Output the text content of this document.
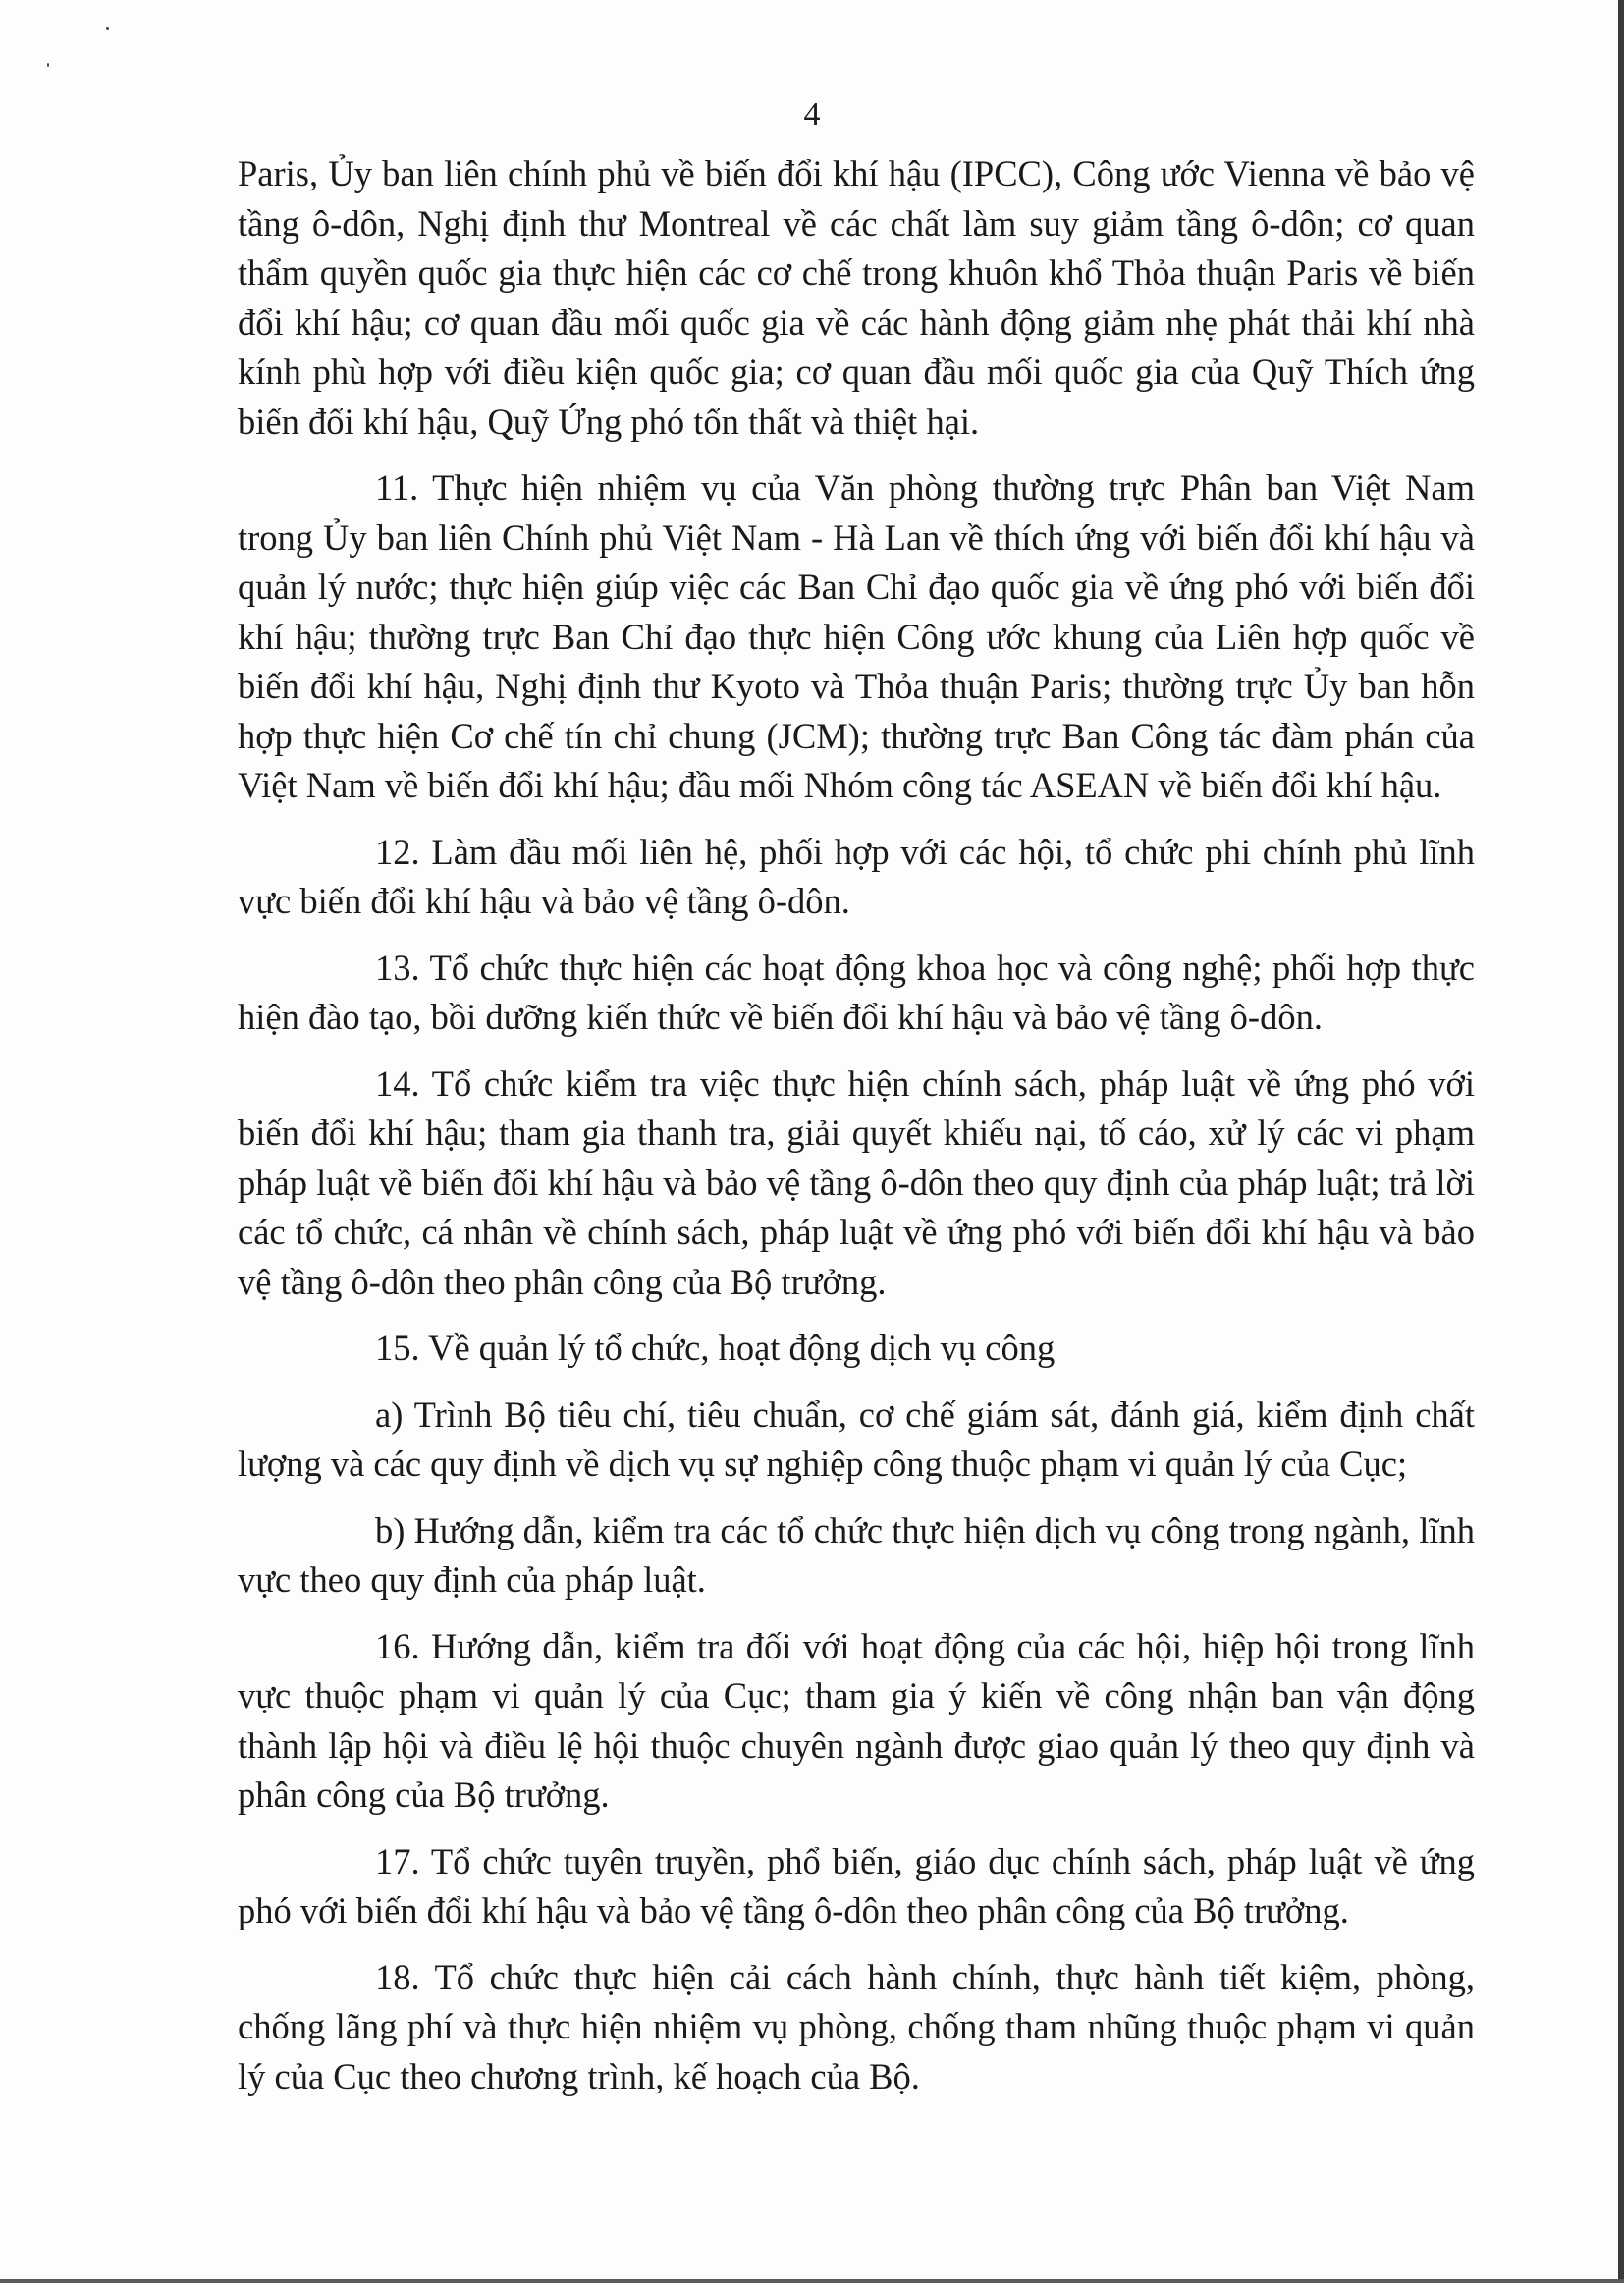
4

Paris, Ủy ban liên chính phủ về biến đổi khí hậu (IPCC), Công ước Vienna về bảo vệ tầng ô-dôn, Nghị định thư Montreal về các chất làm suy giảm tầng ô-dôn; cơ quan thẩm quyền quốc gia thực hiện các cơ chế trong khuôn khổ Thỏa thuận Paris về biến đổi khí hậu; cơ quan đầu mối quốc gia về các hành động giảm nhẹ phát thải khí nhà kính phù hợp với điều kiện quốc gia; cơ quan đầu mối quốc gia của Quỹ Thích ứng biến đổi khí hậu, Quỹ Ứng phó tổn thất và thiệt hại.

11. Thực hiện nhiệm vụ của Văn phòng thường trực Phân ban Việt Nam trong Ủy ban liên Chính phủ Việt Nam - Hà Lan về thích ứng với biến đổi khí hậu và quản lý nước; thực hiện giúp việc các Ban Chỉ đạo quốc gia về ứng phó với biến đổi khí hậu; thường trực Ban Chỉ đạo thực hiện Công ước khung của Liên hợp quốc về biến đổi khí hậu, Nghị định thư Kyoto và Thỏa thuận Paris; thường trực Ủy ban hỗn hợp thực hiện Cơ chế tín chỉ chung (JCM); thường trực Ban Công tác đàm phán của Việt Nam về biến đổi khí hậu; đầu mối Nhóm công tác ASEAN về biến đổi khí hậu.

12. Làm đầu mối liên hệ, phối hợp với các hội, tổ chức phi chính phủ lĩnh vực biến đổi khí hậu và bảo vệ tầng ô-dôn.

13. Tổ chức thực hiện các hoạt động khoa học và công nghệ; phối hợp thực hiện đào tạo, bồi dưỡng kiến thức về biến đổi khí hậu và bảo vệ tầng ô-dôn.

14. Tổ chức kiểm tra việc thực hiện chính sách, pháp luật về ứng phó với biến đổi khí hậu; tham gia thanh tra, giải quyết khiếu nại, tố cáo, xử lý các vi phạm pháp luật về biến đổi khí hậu và bảo vệ tầng ô-dôn theo quy định của pháp luật; trả lời các tổ chức, cá nhân về chính sách, pháp luật về ứng phó với biến đổi khí hậu và bảo vệ tầng ô-dôn theo phân công của Bộ trưởng.

15. Về quản lý tổ chức, hoạt động dịch vụ công

a) Trình Bộ tiêu chí, tiêu chuẩn, cơ chế giám sát, đánh giá, kiểm định chất lượng và các quy định về dịch vụ sự nghiệp công thuộc phạm vi quản lý của Cục;

b) Hướng dẫn, kiểm tra các tổ chức thực hiện dịch vụ công trong ngành, lĩnh vực theo quy định của pháp luật.

16. Hướng dẫn, kiểm tra đối với hoạt động của các hội, hiệp hội trong lĩnh vực thuộc phạm vi quản lý của Cục; tham gia ý kiến về công nhận ban vận động thành lập hội và điều lệ hội thuộc chuyên ngành được giao quản lý theo quy định và phân công của Bộ trưởng.

17. Tổ chức tuyên truyền, phổ biến, giáo dục chính sách, pháp luật về ứng phó với biến đổi khí hậu và bảo vệ tầng ô-dôn theo phân công của Bộ trưởng.

18. Tổ chức thực hiện cải cách hành chính, thực hành tiết kiệm, phòng, chống lãng phí và thực hiện nhiệm vụ phòng, chống tham nhũng thuộc phạm vi quản lý của Cục theo chương trình, kế hoạch của Bộ.
